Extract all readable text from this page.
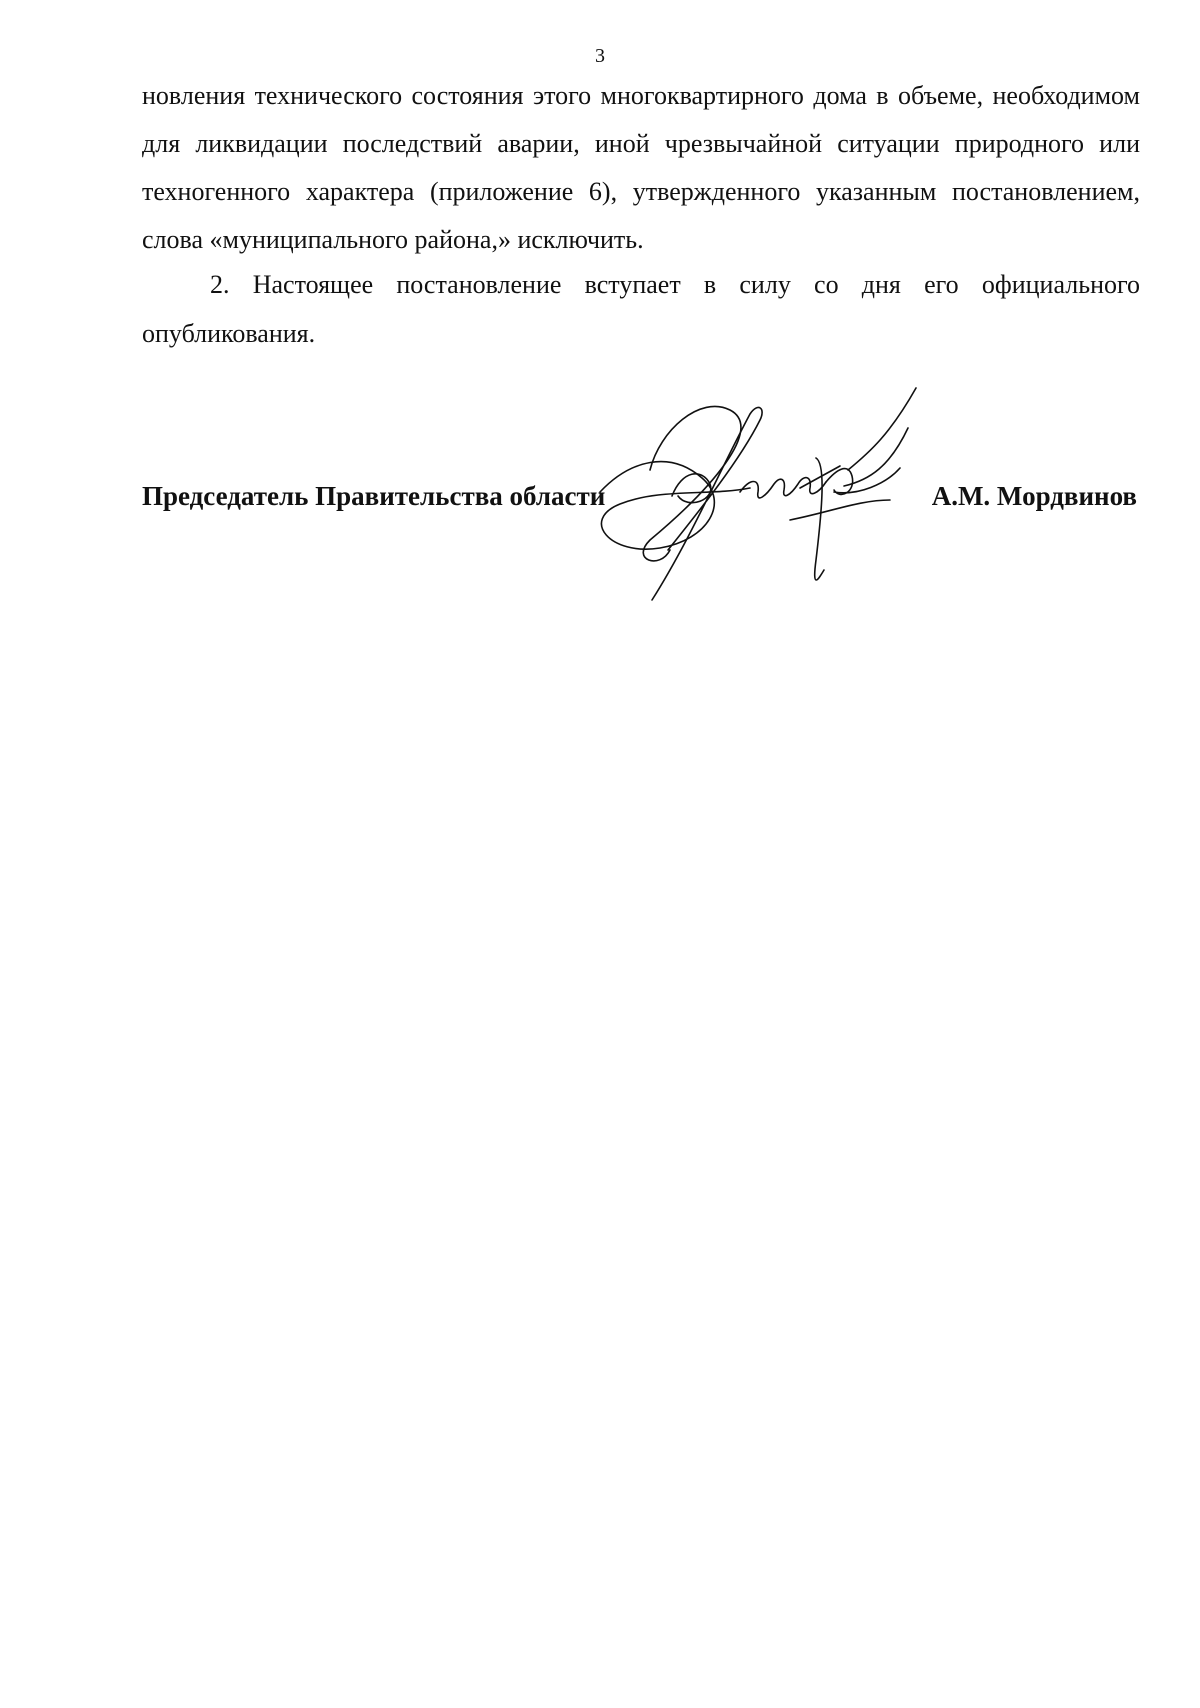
3

новления технического состояния этого многоквартирного дома в объеме, необходимом для ликвидации последствий аварии, иной чрезвычайной ситуации природного или техногенного характера (приложение 6), утвержденного указанным постановлением, слова «муниципального района,» исключить.

2. Настоящее постановление вступает в силу со дня его официального опубликования.

Председатель Правительства области	А.М. Мордвинов
